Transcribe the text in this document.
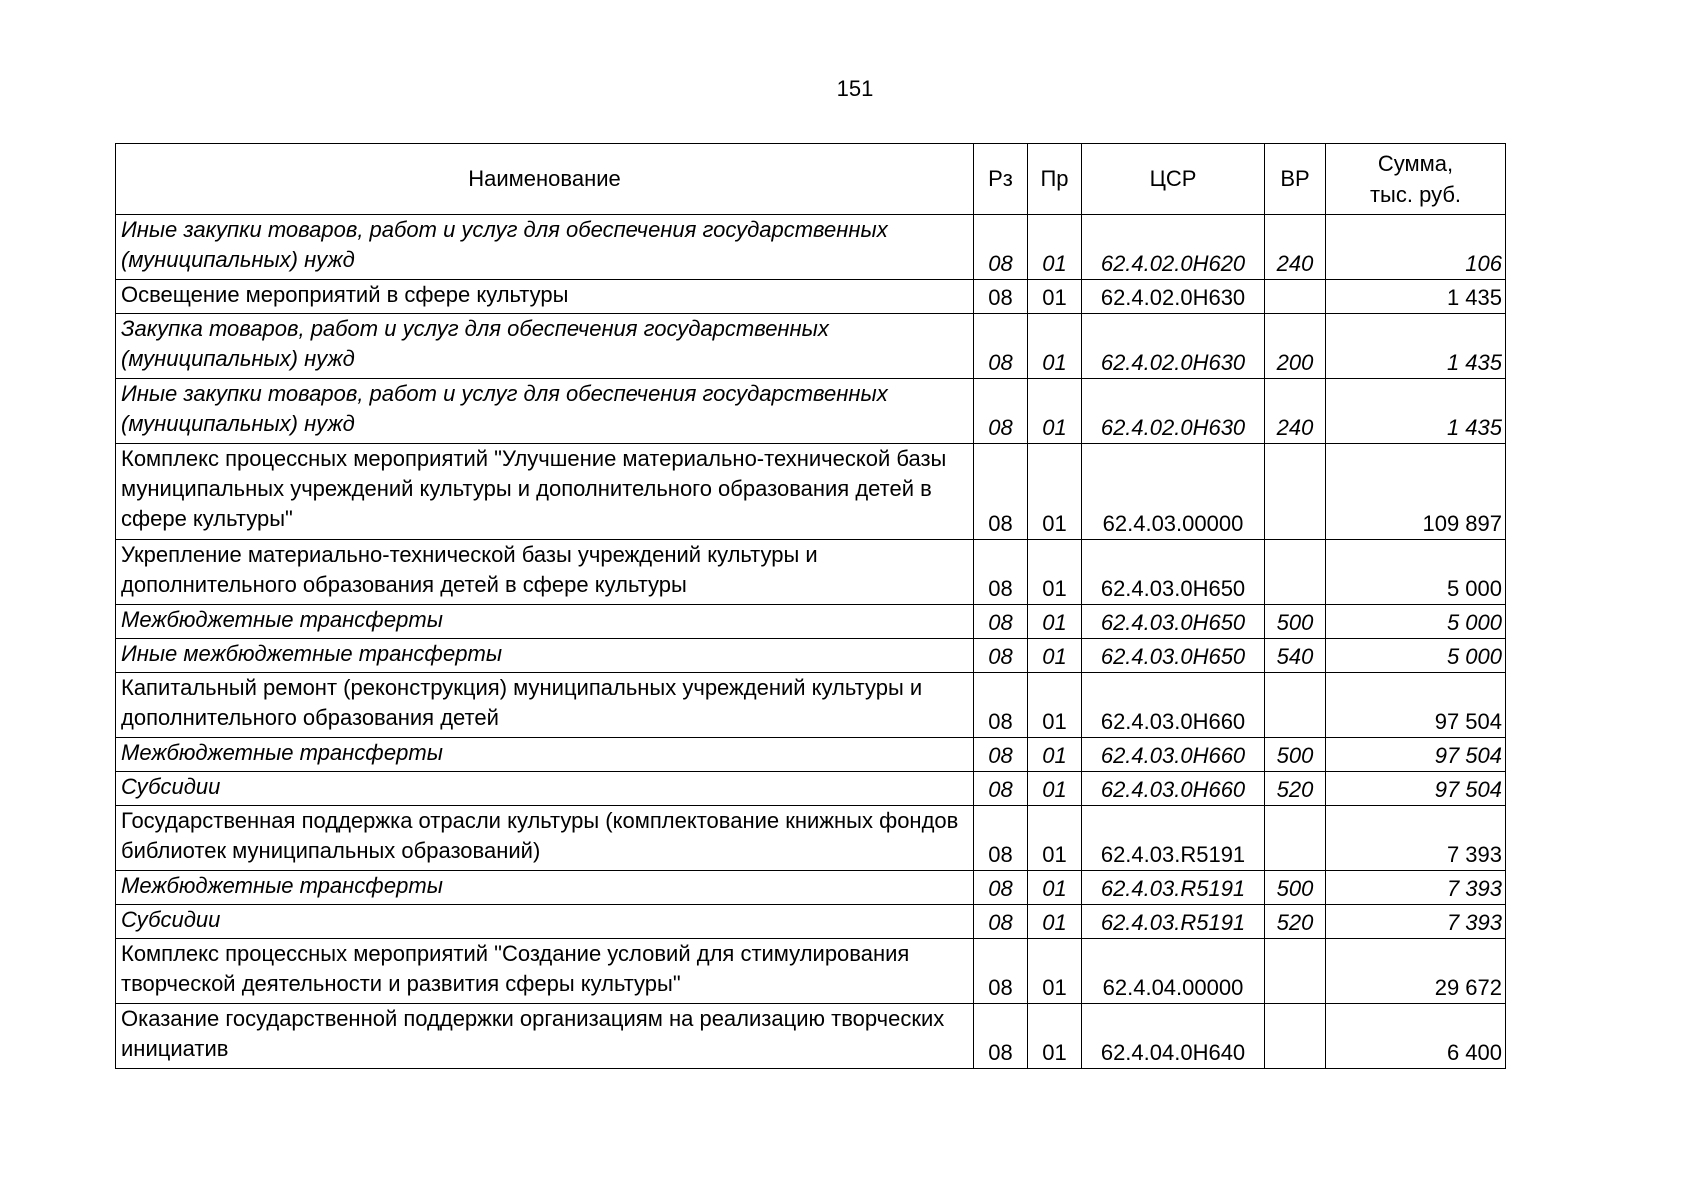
151
Наименование	Рз	Пр	ЦСР	ВР	Сумма,
тыс. руб.

Иные закупки товаров, работ и услуг для обеспечения государственных (муниципальных) нужд	08	01	62.4.02.0Н620	240	106
Освещение мероприятий в сфере культуры	08	01	62.4.02.0Н630		1 435
Закупка товаров, работ и услуг для обеспечения государственных (муниципальных) нужд	08	01	62.4.02.0Н630	200	1 435
Иные закупки товаров, работ и услуг для обеспечения государственных (муниципальных) нужд	08	01	62.4.02.0Н630	240	1 435
Комплекс процессных мероприятий "Улучшение материально-технической базы муниципальных учреждений культуры и дополнительного образования детей в сфере культуры"	08	01	62.4.03.00000		109 897
Укрепление материально-технической базы учреждений культуры и дополнительного образования детей в сфере культуры	08	01	62.4.03.0Н650		5 000
Межбюджетные трансферты	08	01	62.4.03.0Н650	500	5 000
Иные межбюджетные трансферты	08	01	62.4.03.0Н650	540	5 000
Капитальный ремонт (реконструкция) муниципальных учреждений культуры и дополнительного образования детей	08	01	62.4.03.0Н660		97 504
Межбюджетные трансферты	08	01	62.4.03.0Н660	500	97 504
Субсидии	08	01	62.4.03.0Н660	520	97 504
Государственная поддержка отрасли культуры (комплектование книжных фондов библиотек муниципальных образований)	08	01	62.4.03.R5191		7 393
Межбюджетные трансферты	08	01	62.4.03.R5191	500	7 393
Субсидии	08	01	62.4.03.R5191	520	7 393
Комплекс процессных мероприятий "Создание условий для стимулирования творческой деятельности и развития сферы культуры"	08	01	62.4.04.00000		29 672
Оказание государственной поддержки организациям на реализацию творческих инициатив	08	01	62.4.04.0Н640		6 400
